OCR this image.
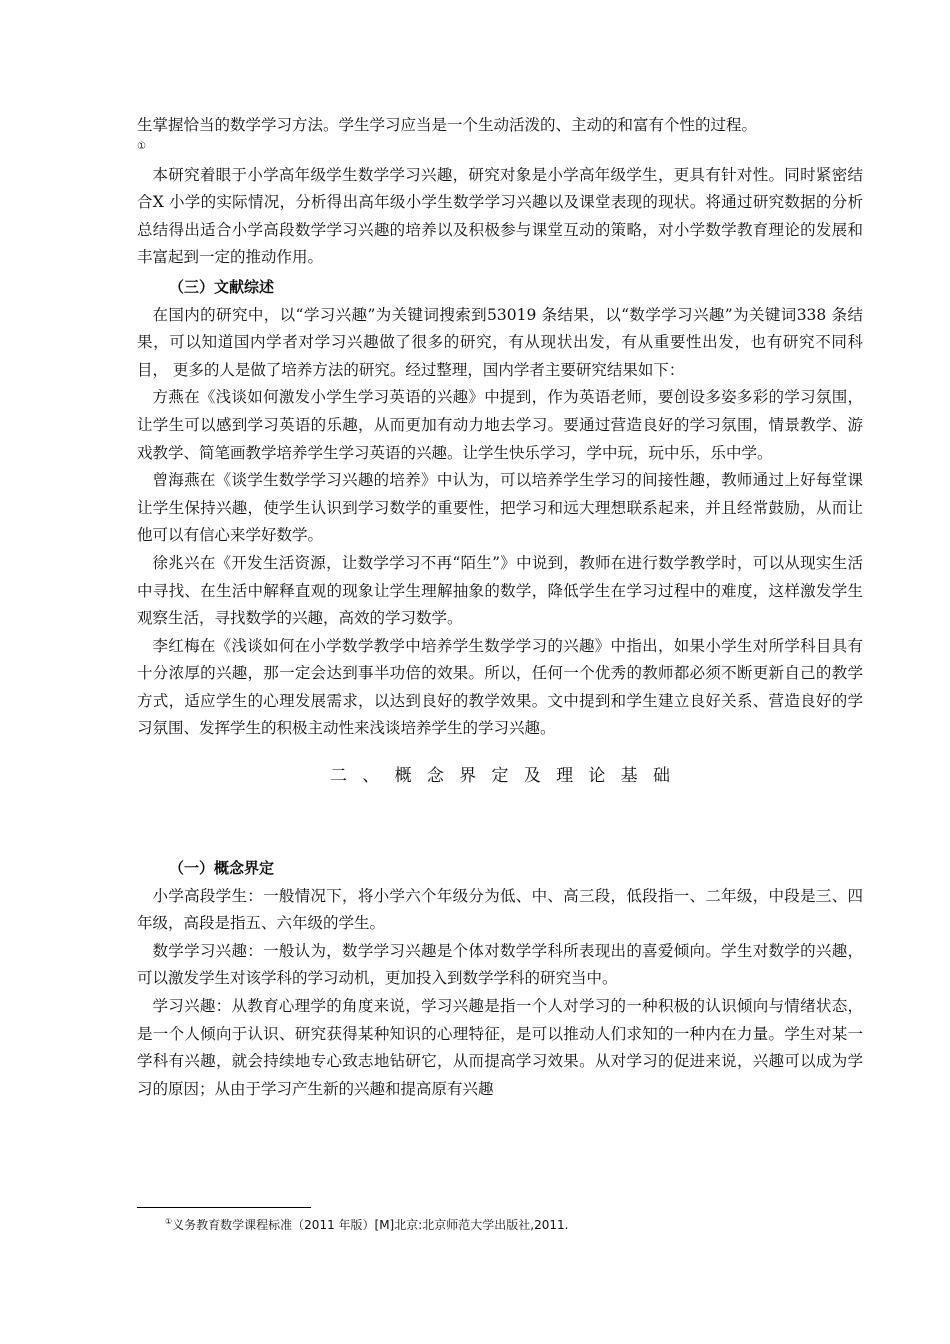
生掌握恰当的数学学习方法。学生学习应当是一个生动活泼的、主动的和富有个性的过程。

①

本研究着眼于小学高年级学生数学学习兴趣，研究对象是小学高年级学生，更具有针对性。同时紧密结合X 小学的实际情况，分析得出高年级小学生数学学习兴趣以及课堂表现的现状。将通过研究数据的分析总结得出适合小学高段数学学习兴趣的培养以及积极参与课堂互动的策略，对小学数学教育理论的发展和丰富起到一定的推动作用。

（三）文献综述

在国内的研究中，以“学习兴趣”为关键词搜索到53019 条结果，以“数学学习兴趣”为关键词338 条结果，可以知道国内学者对学习兴趣做了很多的研究，有从现状出发，有从重要性出发，也有研究不同科目， 更多的人是做了培养方法的研究。经过整理，国内学者主要研究结果如下：

方燕在《浅谈如何激发小学生学习英语的兴趣》中提到，作为英语老师，要创设多姿多彩的学习氛围，让学生可以感到学习英语的乐趣，从而更加有动力地去学习。要通过营造良好的学习氛围，情景教学、游戏教学、简笔画教学培养学生学习英语的兴趣。让学生快乐学习，学中玩，玩中乐，乐中学。

曾海燕在《谈学生数学学习兴趣的培养》中认为，可以培养学生学习的间接性趣，教师通过上好每堂课让学生保持兴趣，使学生认识到学习数学的重要性，把学习和远大理想联系起来，并且经常鼓励，从而让他可以有信心来学好数学。

徐兆兴在《开发生活资源，让数学学习不再“陌生”》中说到，教师在进行数学教学时，可以从现实生活中寻找、在生活中解释直观的现象让学生理解抽象的数学，降低学生在学习过程中的难度，这样激发学生观察生活，寻找数学的兴趣，高效的学习数学。

李红梅在《浅谈如何在小学数学教学中培养学生数学学习的兴趣》中指出，如果小学生对所学科目具有十分浓厚的兴趣，那一定会达到事半功倍的效果。所以，任何一个优秀的教师都必须不断更新自己的教学方式，适应学生的心理发展需求，以达到良好的教学效果。文中提到和学生建立良好关系、营造良好的学习氛围、发挥学生的积极主动性来浅谈培养学生的学习兴趣。

二、概念界定及理论基础
（一）概念界定

小学高段学生：一般情况下，将小学六个年级分为低、中、高三段，低段指一、二年级，中段是三、四年级，高段是指五、六年级的学生。

数学学习兴趣：一般认为，数学学习兴趣是个体对数学学科所表现出的喜爱倾向。学生对数学的兴趣，可以激发学生对该学科的学习动机，更加投入到数学学科的研究当中。

学习兴趣：从教育心理学的角度来说，学习兴趣是指一个人对学习的一种积极的认识倾向与情绪状态，是一个人倾向于认识、研究获得某种知识的心理特征，是可以推动人们求知的一种内在力量。学生对某一学科有兴趣，就会持续地专心致志地钻研它，从而提高学习效果。从对学习的促进来说，兴趣可以成为学习的原因；从由于学习产生新的兴趣和提高原有兴趣

①义务教育数学课程标准（2011 年版）[M]北京:北京师范大学出版社,2011.
